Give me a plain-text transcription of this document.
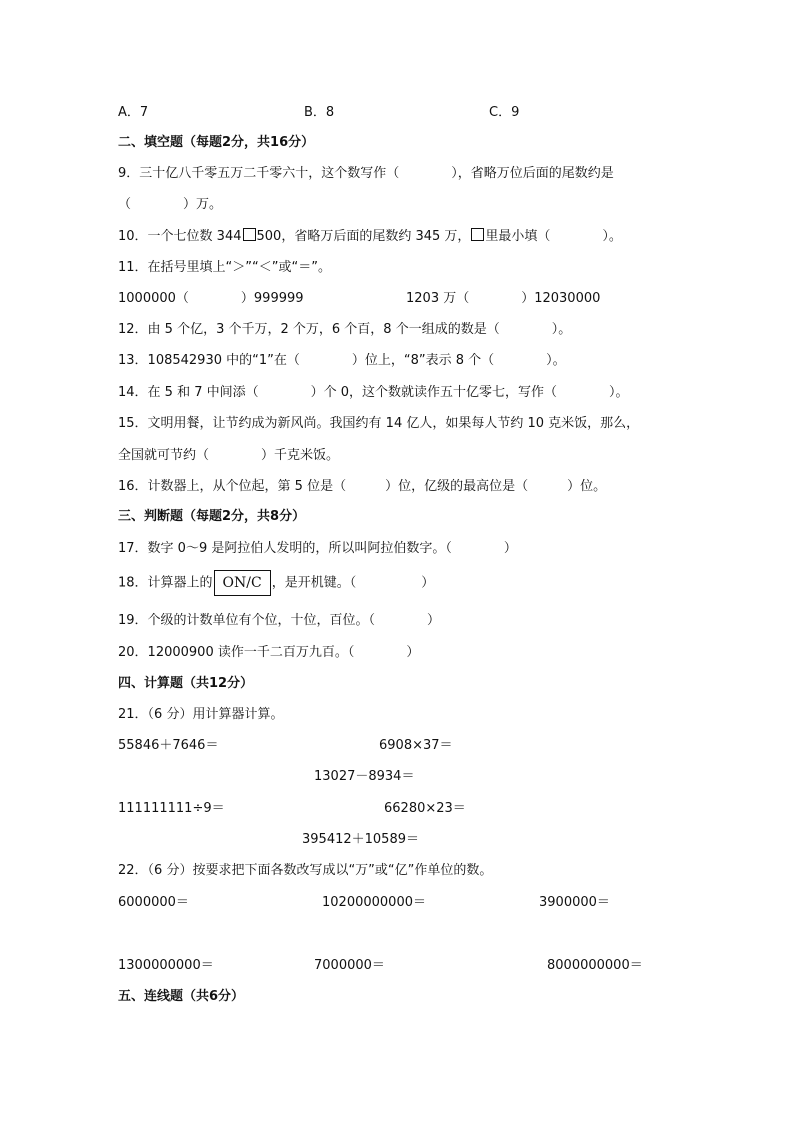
A．7	B．8	C．9
二、填空题（每题2分，共16分）
9．三十亿八千零五万二千零六十，这个数写作（　　　　），省略万位后面的尾数约是
（　　　　）万。
10．一个七位数 344 500，省略万后面的尾数约 345 万， 里最小填（　　　　）。
11．在括号里填上“＞”“＜”或“＝”。
1000000（　　　　）999999	1203 万（　　　　）12030000
12．由 5 个亿，3 个千万，2 个万，6 个百，8 个一组成的数是（　　　　）。
13．108542930 中的“1”在（　　　　）位上，“8”表示 8 个（　　　　）。
14．在 5 和 7 中间添（　　　　）个 0，这个数就读作五十亿零七，写作（　　　　）。
15．文明用餐，让节约成为新风尚。我国约有 14 亿人，如果每人节约 10 克米饭，那么，
全国就可节约（　　　　）千克米饭。
16．计数器上，从个位起，第 5 位是（　　　）位，亿级的最高位是（　　　）位。
三、判断题（每题2分，共8分）
17．数字 0～9 是阿拉伯人发明的，所以叫阿拉伯数字。（　　　　）
18．计算器上的 ON/C ，是开机键。（　　　　　）
19．个级的计数单位有个位，十位，百位。（　　　　）
20．12000900 读作一千二百万九百。（　　　　）
四、计算题（共12分）
21．（6 分）用计算器计算。
55846＋7646＝	6908×37＝
13027－8934＝
111111111÷9＝	66280×23＝
395412＋10589＝
22．（6 分）按要求把下面各数改写成以“万”或“亿”作单位的数。
6000000＝	10200000000＝	3900000＝
1300000000＝	7000000＝	8000000000＝
五、连线题（共6分）
